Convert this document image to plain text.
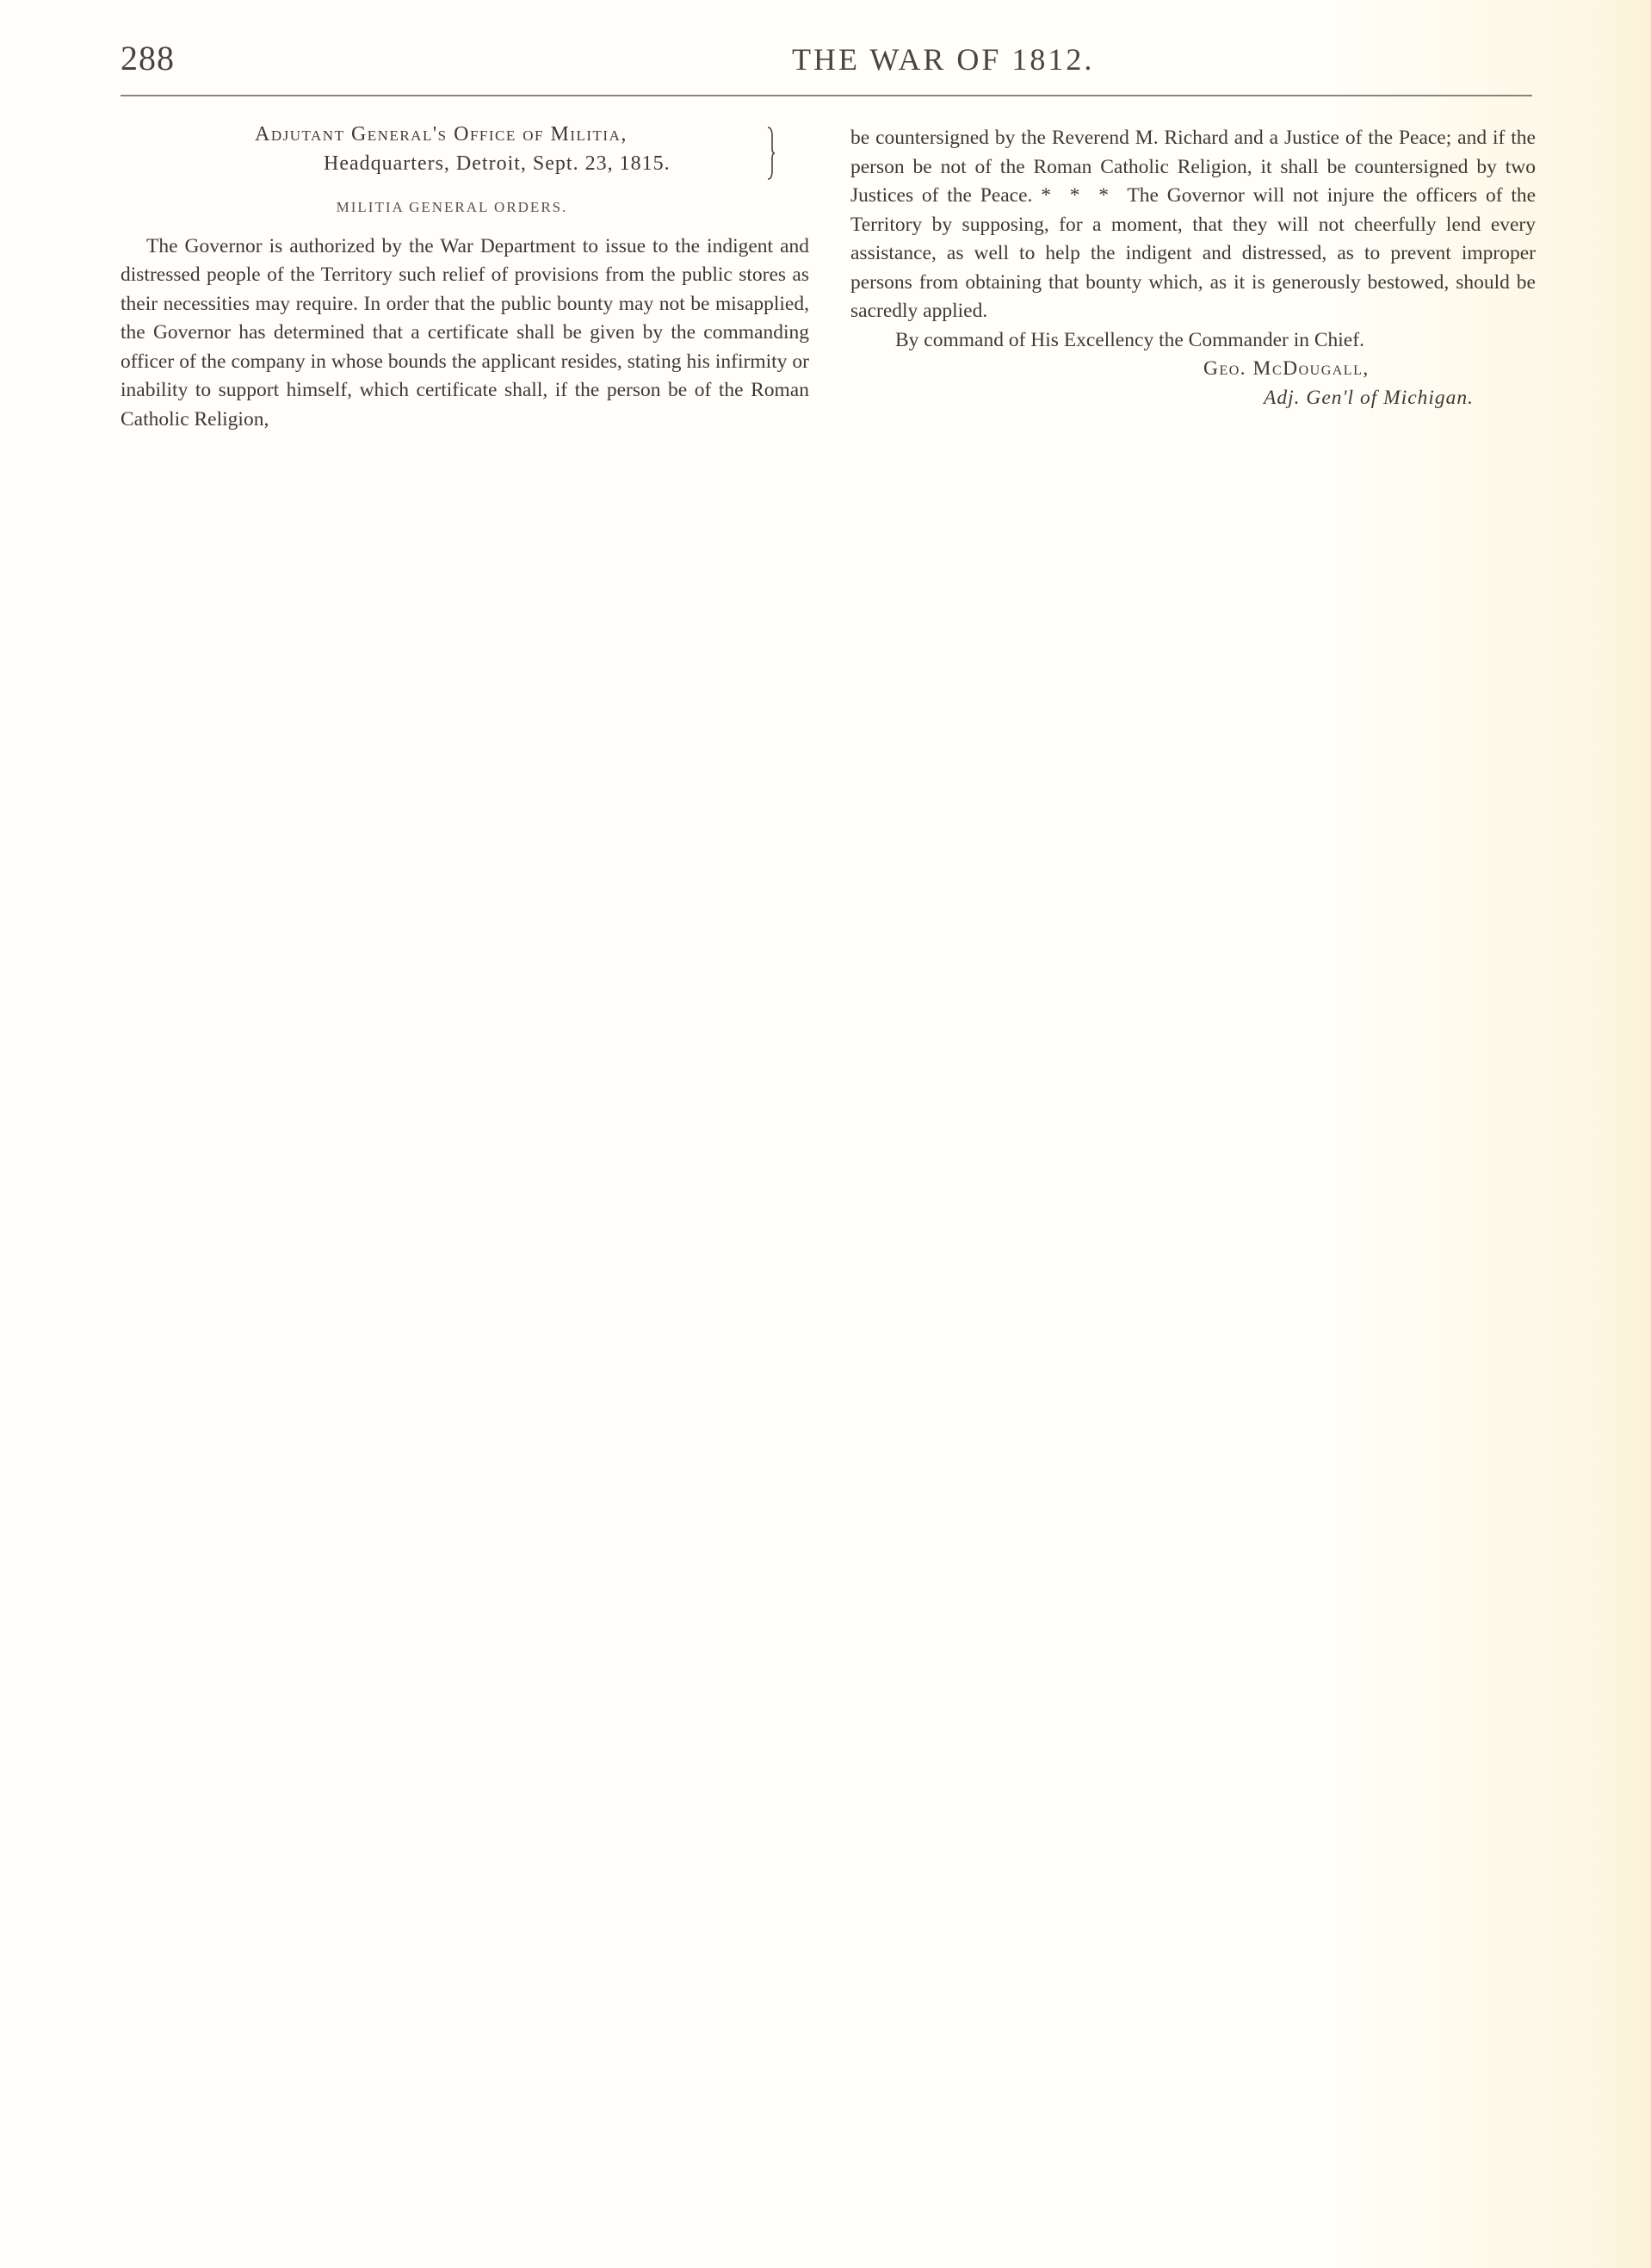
288	THE WAR OF 1812.
Adjutant General's Office of Militia,
Headquarters, Detroit, Sept. 23, 1815.
MILITIA GENERAL ORDERS.

The Governor is authorized by the War Department to issue to the indigent and distressed people of the Territory such relief of provisions from the public stores as their necessities may require. In order that the public bounty may not be misapplied, the Governor has determined that a certificate shall be given by the commanding officer of the company in whose bounds the applicant resides, stating his infirmity or inability to support himself, which certificate shall, if the person be of the Roman Catholic Religion,

be countersigned by the Reverend M. Richard and a Justice of the Peace; and if the person be not of the Roman Catholic Religion, it shall be countersigned by two Justices of the Peace. * * * The Governor will not injure the officers of the Territory by supposing, for a moment, that they will not cheerfully lend every assistance, as well to help the indigent and distressed, as to prevent improper persons from obtaining that bounty which, as it is generously bestowed, should be sacredly applied.

By command of His Excellency the Commander in Chief.

Geo. McDougall,
Adj. Gen'l of Michigan.
